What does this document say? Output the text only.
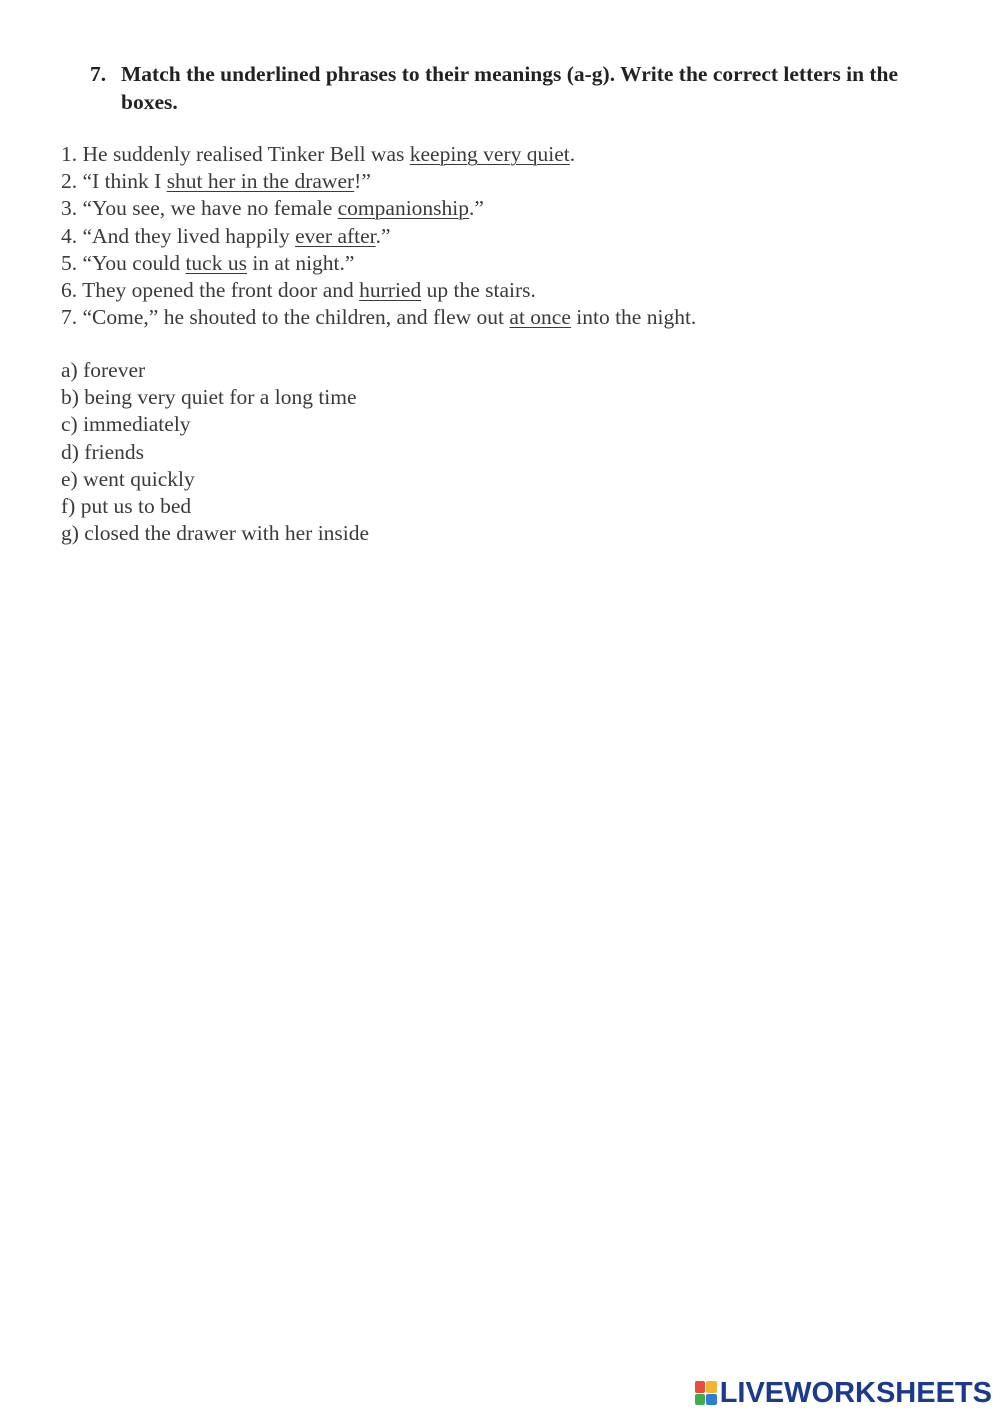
7. Match the underlined phrases to their meanings (a-g). Write the correct letters in the boxes.
1. He suddenly realised Tinker Bell was keeping very quiet.
2. “I think I shut her in the drawer!”
3. “You see, we have no female companionship.”
4. “And they lived happily ever after.”
5. “You could tuck us in at night.”
6. They opened the front door and hurried up the stairs.
7. “Come,” he shouted to the children, and flew out at once into the night.
a) forever
b) being very quiet for a long time
c) immediately
d) friends
e) went quickly
f) put us to bed
g) closed the drawer with her inside
LIVEWORKSHEETS
